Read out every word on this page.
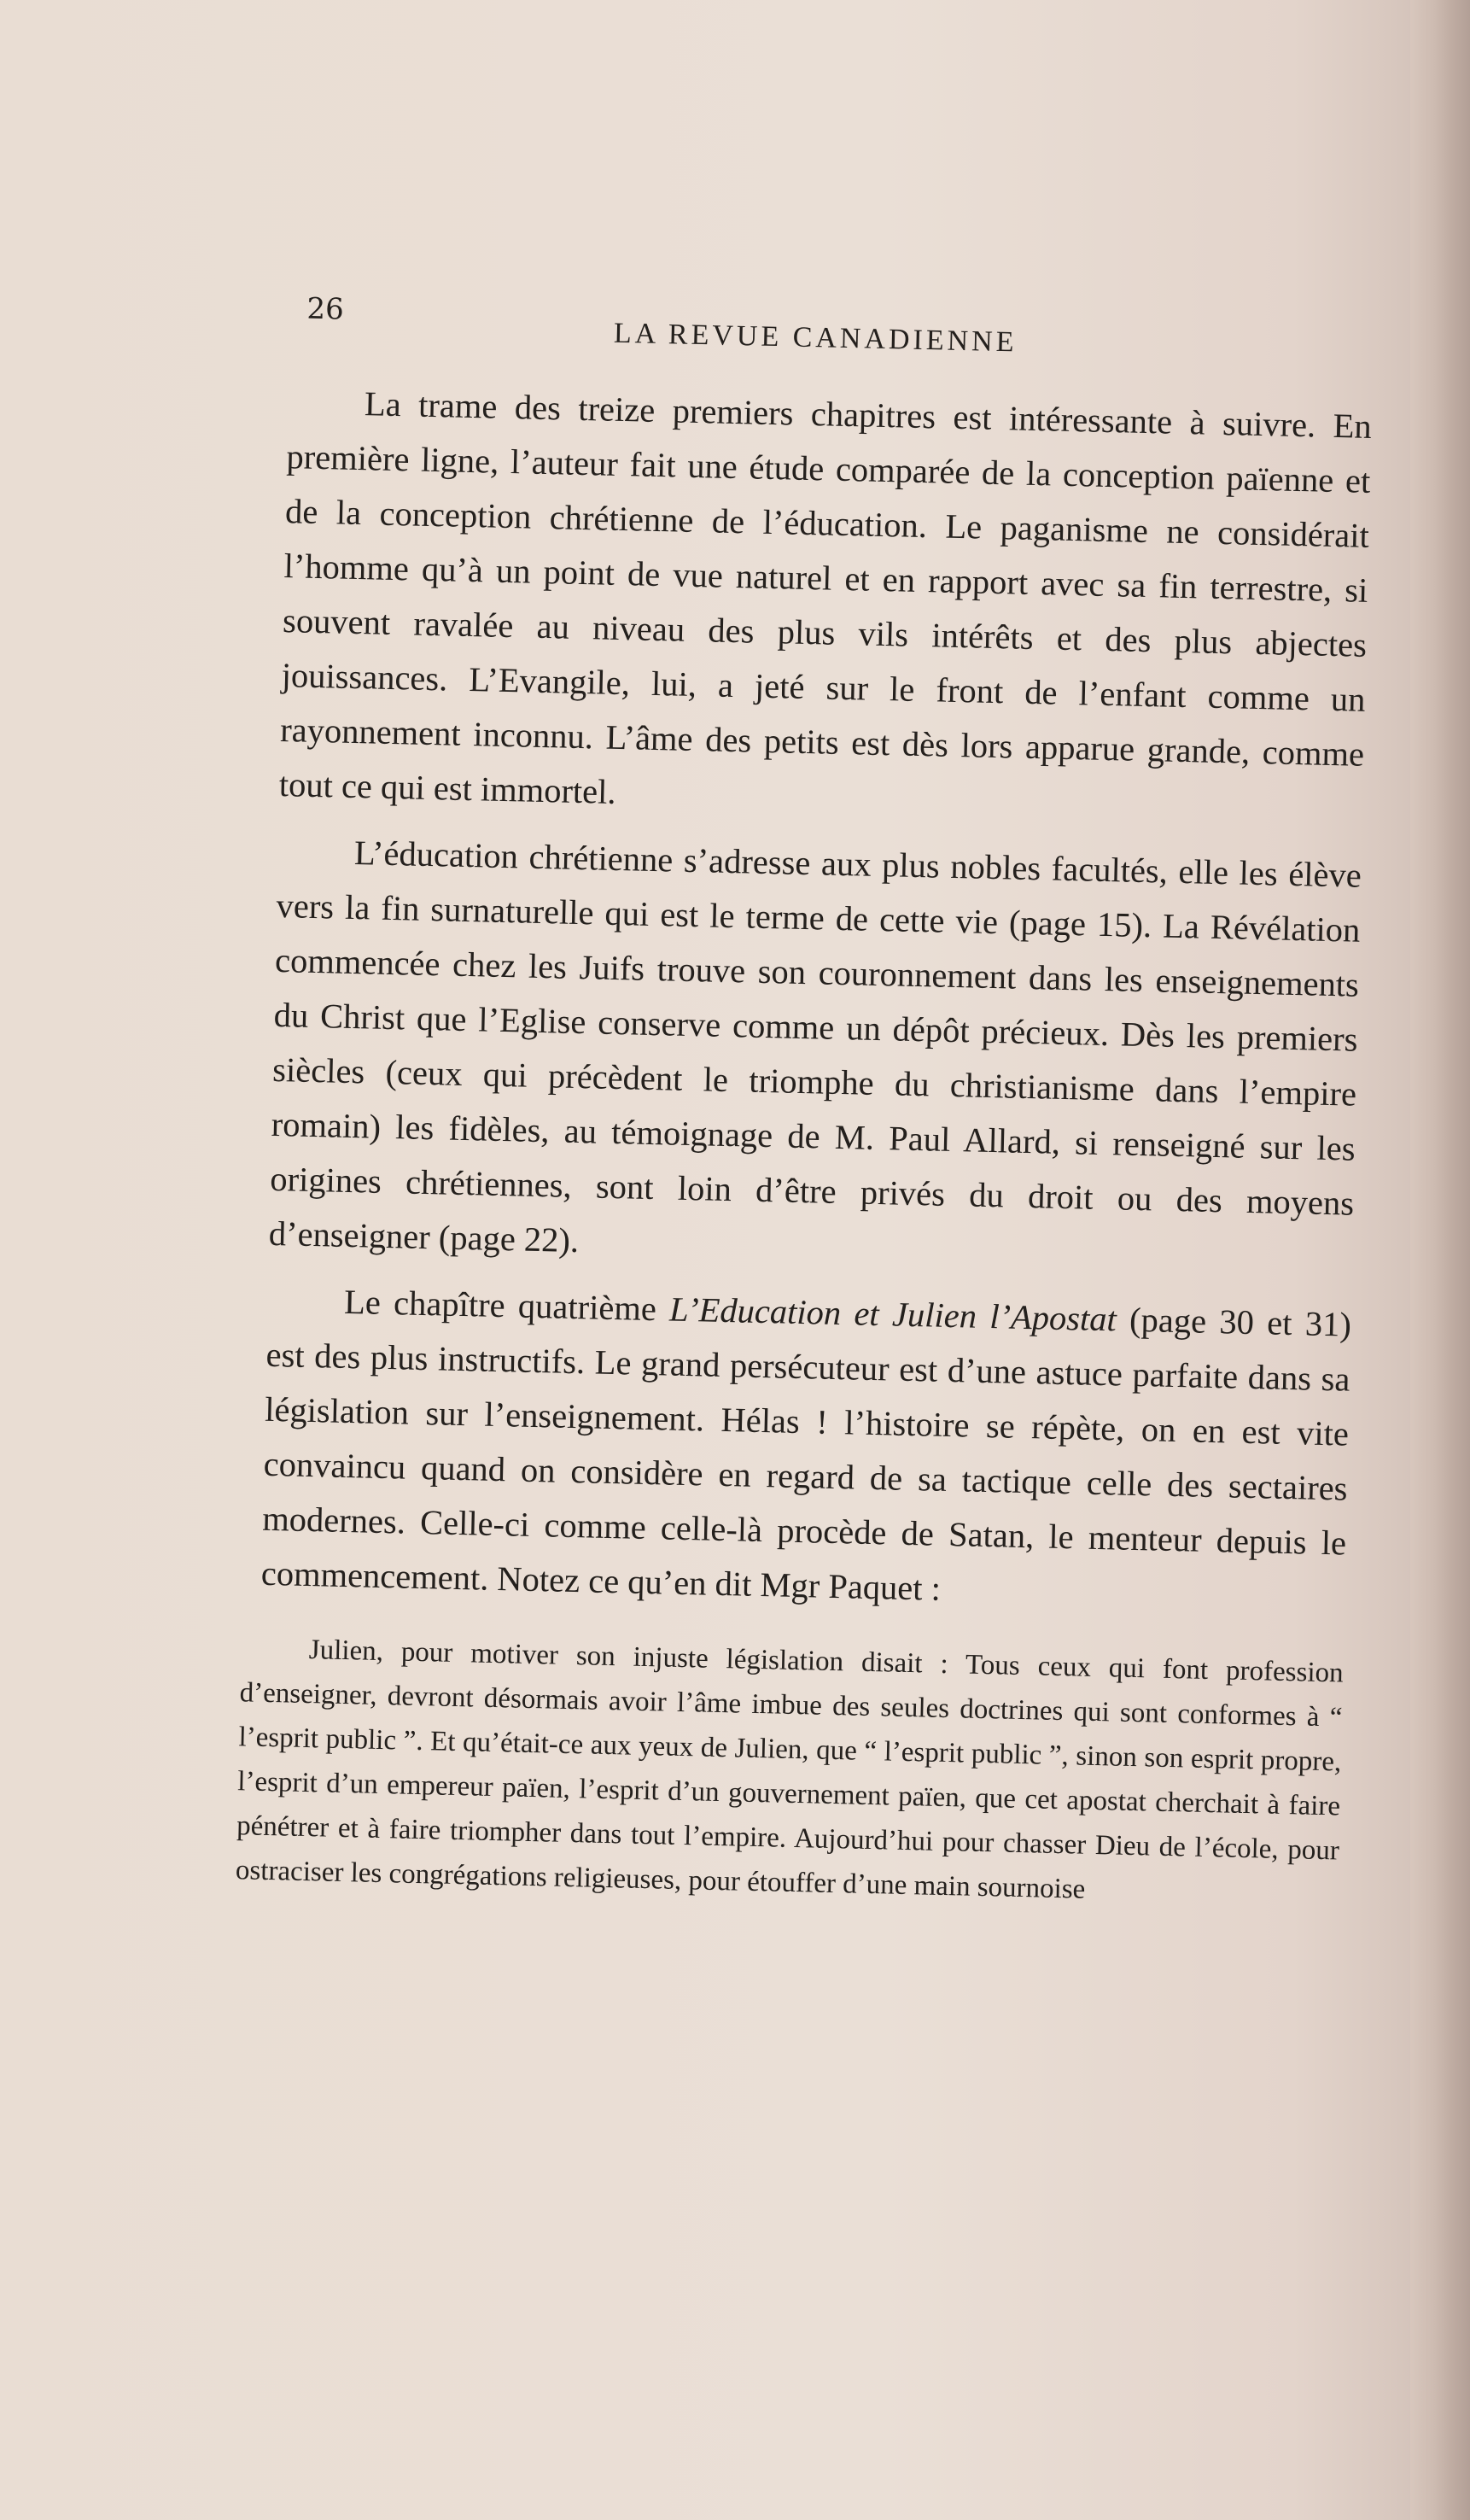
26
LA REVUE CANADIENNE

La trame des treize premiers chapitres est intéressante à suivre. En première ligne, l’auteur fait une étude comparée de la conception païenne et de la conception chrétienne de l’éducation. Le paganisme ne considérait l’homme qu’à un point de vue naturel et en rapport avec sa fin terrestre, si souvent ravalée au niveau des plus vils intérêts et des plus abjectes jouissances. L’Evangile, lui, a jeté sur le front de l’enfant comme un rayonnement inconnu. L’âme des petits est dès lors apparue grande, comme tout ce qui est immortel.

L’éducation chrétienne s’adresse aux plus nobles facultés, elle les élève vers la fin surnaturelle qui est le terme de cette vie (page 15). La Révélation commencée chez les Juifs trouve son couronnement dans les enseignements du Christ que l’Eglise conserve comme un dépôt précieux. Dès les premiers siècles (ceux qui précèdent le triomphe du christianisme dans l’empire romain) les fidèles, au témoignage de M. Paul Allard, si renseigné sur les origines chrétiennes, sont loin d’être privés du droit ou des moyens d’enseigner (page 22).

Le chapître quatrième L’Education et Julien l’Apostat (page 30 et 31) est des plus instructifs. Le grand persécuteur est d’une astuce parfaite dans sa législation sur l’enseignement. Hélas ! l’histoire se répète, on en est vite convaincu quand on considère en regard de sa tactique celle des sectaires modernes. Celle-ci comme celle-là procède de Satan, le menteur depuis le commencement. Notez ce qu’en dit Mgr Paquet :

Julien, pour motiver son injuste législation disait : Tous ceux qui font profession d’enseigner, devront désormais avoir l’âme imbue des seules doctrines qui sont conformes à “ l’esprit public ”. Et qu’était-ce aux yeux de Julien, que “ l’esprit public ”, sinon son esprit propre, l’esprit d’un empereur païen, l’esprit d’un gouvernement païen, que cet apostat cherchait à faire pénétrer et à faire triompher dans tout l’empire. Aujourd’hui pour chasser Dieu de l’école, pour ostraciser les congrégations religieuses, pour étouffer d’une main sournoise
